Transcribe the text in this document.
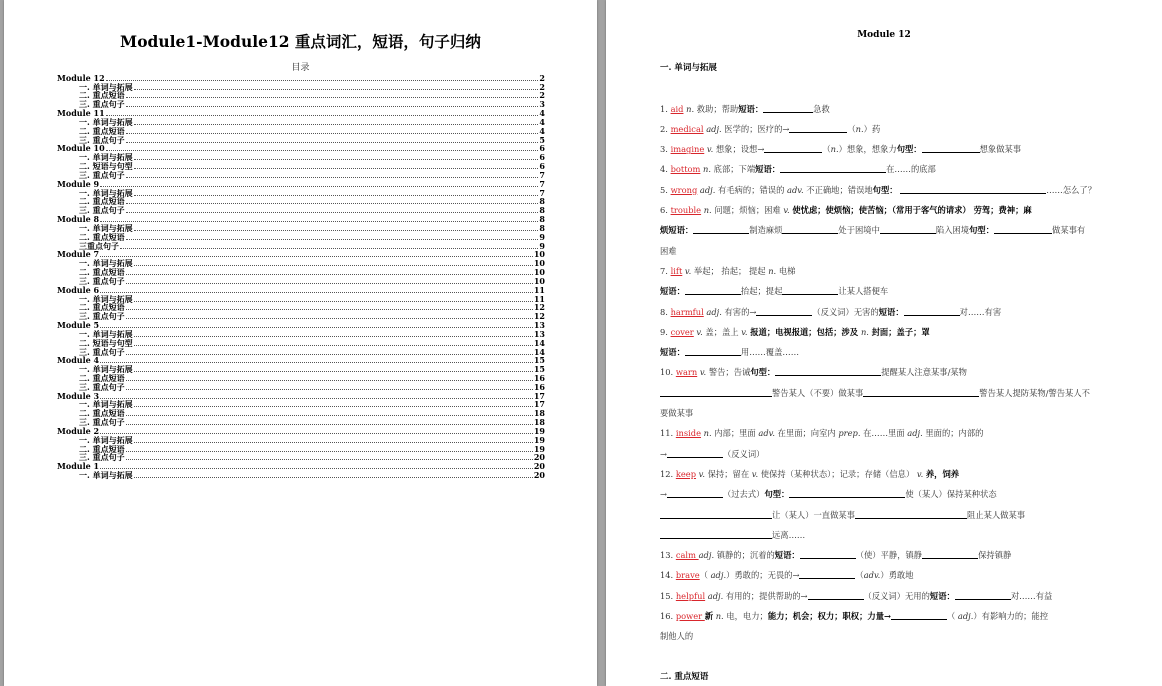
Module1-Module12 重点词汇，短语，句子归纳
目录
Module 12	2
一. 单词与拓展	2
二. 重点短语	2
三. 重点句子	3
Module 11	4
一. 单词与拓展	4
二. 重点短语	4
三. 重点句子	5
Module 10	6
一. 单词与拓展	6
二. 短语与句型	6
三. 重点句子	7
Module 9	7
一. 单词与拓展	7
二. 重点短语	8
三. 重点句子	8
Module 8	8
一. 单词与拓展	8
二. 重点短语	9
三重点句子	9
Module 7	10
一. 单词与拓展	10
二. 重点短语	10
三. 重点句子	10
Module 6	11
一. 单词与拓展	11
二. 重点短语	12
三. 重点句子	12
Module 5	13
一. 单词与拓展	13
二. 短语与句型	14
三. 重点句子	14
Module 4	15
一. 单词与拓展	15
二. 重点短语	16
三. 重点句子	16
Module 3	17
一. 单词与拓展	17
二. 重点短语	18
三. 重点句子	18
Module 2	19
一. 单词与拓展	19
二. 重点短语	19
三. 重点句子	20
Module 1	20
一. 单词与拓展	20
Module 12
一. 单词与拓展
1. aid n. 救助；帮助短语：	急救
2. medical adj. 医学的；医疗的→	（n.）药
3. imagine v. 想象；设想→	（n.）想象，想象力句型：	想象做某事
4. bottom n. 底部；下端短语：	在……的底部
5. wrong adj. 有毛病的；错误的 adv. 不正确地；错误地句型：	……怎么了？
6. trouble n. 问题；烦恼；困难 v. 使忧虑；使烦恼；使苦恼；（常用于客气的请求） 劳驾；费神；麻
烦短语：	制造麻烦	处于困境中	陷入困境句型：	做某事有
困难
7. lift v. 举起； 抬起； 提起 n. 电梯
短语：	抬起；提起	让某人搭便车
8. harmful adj. 有害的→	（反义词）无害的短语：	对……有害
9. cover v. 盖；盖上 v. 报道；电视报道；包括；涉及 n. 封面；盖子；罩
短语：	用……覆盖……
10. warn v. 警告；告诫句型：	提醒某人注意某事/某物
警告某人（不要）做某事	警告某人提防某物/警告某人不
要做某事
11. inside n. 内部；里面 adv. 在里面；向室内 prep. 在……里面 adj. 里面的；内部的
→	（反义词）
12. keep v. 保持；留在 v. 使保持（某种状态）；记录；存储（信息） v. 养，饲养
→	（过去式）句型：	使（某人）保持某种状态
让（某人）一直做某事	阻止某人做某事
远离……
13. calm adj. 镇静的；沉着的短语：	（使）平静，镇静	保持镇静
14. brave（ adj.）勇敢的；无畏的→	（adv.）勇敢地
15. helpful adj. 有用的；提供帮助的→	（反义词）无用的短语：	对……有益
16. power 新 n. 电，电力；能力；机会；权力；职权；力量→	（ adj.）有影响力的；能控
制他人的
二. 重点短语
